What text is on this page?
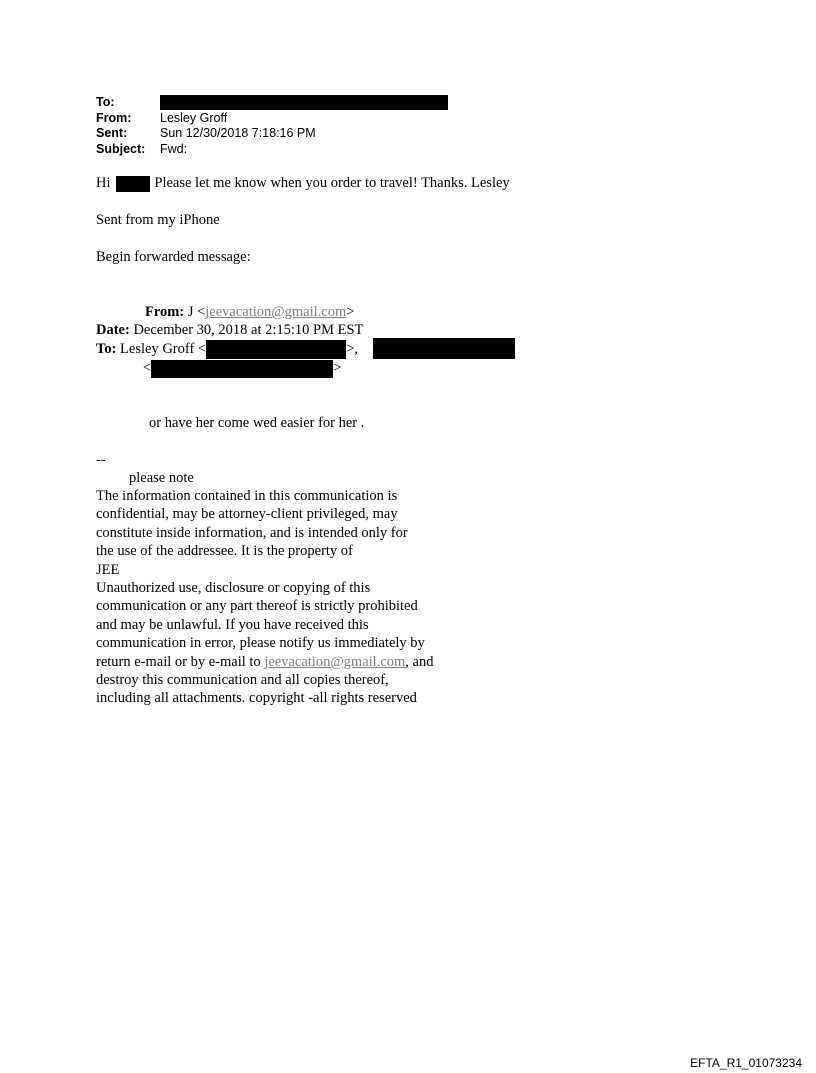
To:
From:	Lesley Groff
Sent:	Sun 12/30/2018 7:18:16 PM
Subject:	Fwd:
Hi	. Please let me know when you order to travel! Thanks. Lesley
Sent from my iPhone
Begin forwarded message:
From: J <jeevacation@gmail.com>
Date: December 30, 2018 at 2:15:10 PM EST
To: Lesley Groff <	>,
<	>
or have her come wed easier for her .
--
please note
The information contained in this communication is
confidential, may be attorney-client privileged, may
constitute inside information, and is intended only for
the use of the addressee. It is the property of
JEE
Unauthorized use, disclosure or copying of this
communication or any part thereof is strictly prohibited
and may be unlawful. If you have received this
communication in error, please notify us immediately by
return e-mail or by e-mail to jeevacation@gmail.com, and
destroy this communication and all copies thereof,
including all attachments. copyright -all rights reserved
EFTA_R1_01073234
